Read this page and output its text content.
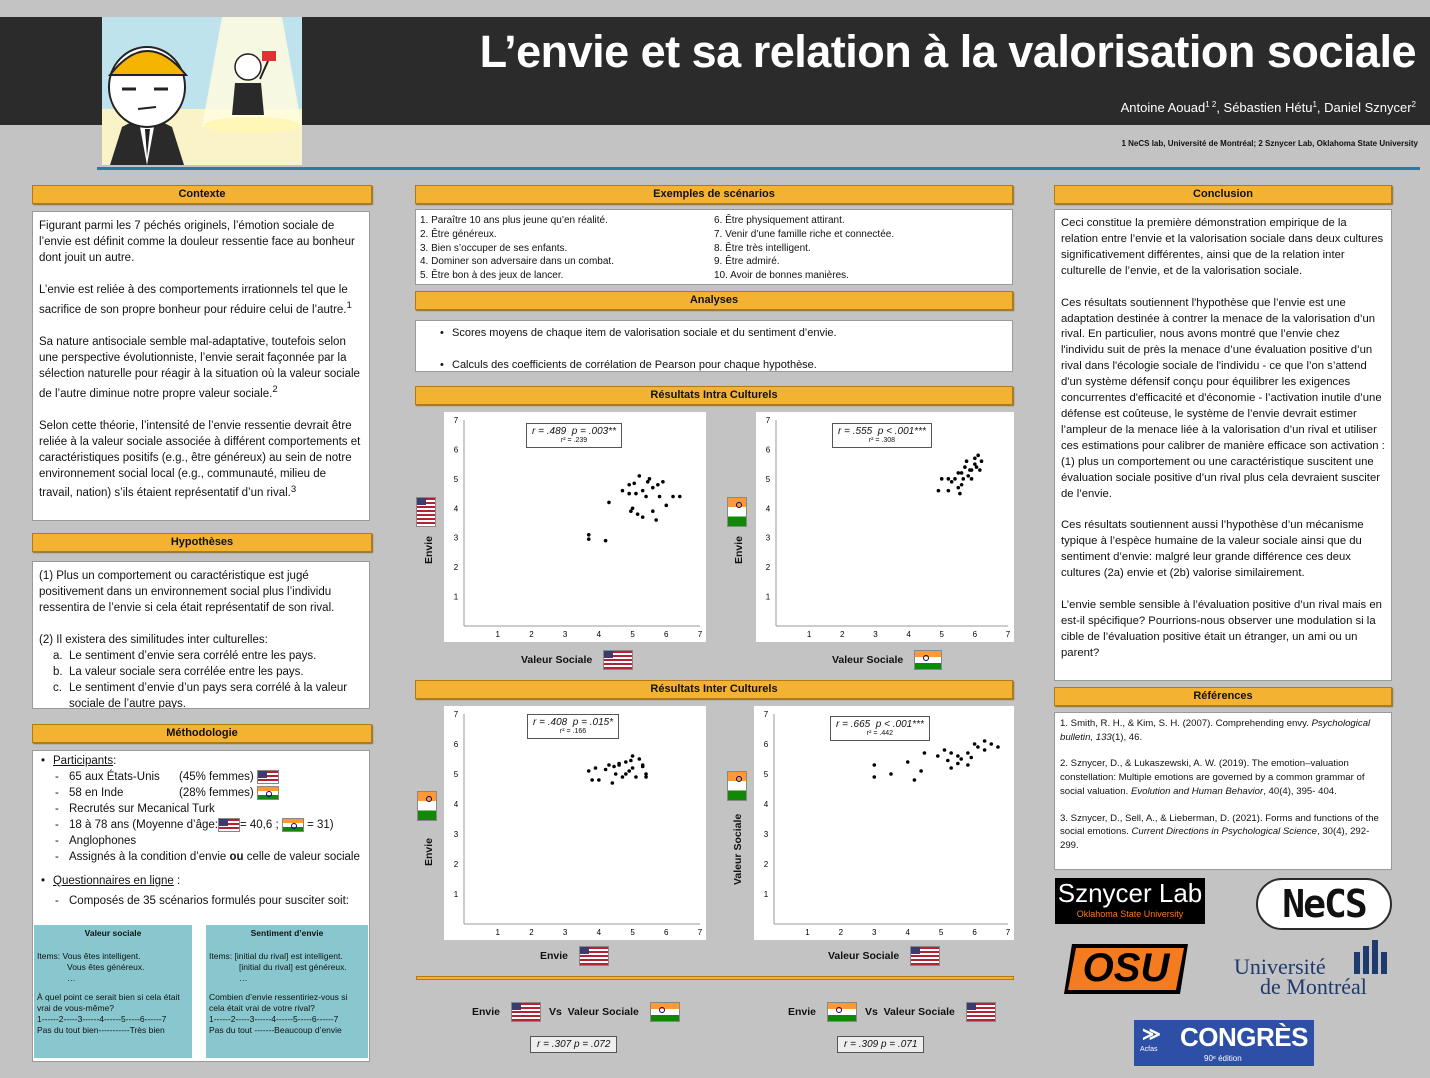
L’envie et sa relation à la valorisation sociale
Antoine Aouad$^{1 2}$, Sébastien Hétu$^1$, Daniel Sznycer$^2$
1 NeCS lab, Université de Montréal; 2 Sznycer Lab, Oklahoma State University
Contexte

Figurant parmi les 7 péchés originels, l’émotion sociale de l’envie est définit comme la douleur ressentie face au bonheur dont jouit un autre.

L’envie est reliée à des comportements irrationnels tel que le sacrifice de son propre bonheur pour réduire celui de l’autre.$^1$

Sa nature antisociale semble mal-adaptative, toutefois selon une perspective évolutionniste, l’envie serait façonnée par la sélection naturelle pour réagir à la situation où la valeur sociale de l’autre diminue notre propre valeur sociale.$^2$

Selon cette théorie, l’intensité de l’envie ressentie devrait être reliée à la valeur sociale associée à différent comportements et caractéristiques positifs (e.g., être généreux) au sein de notre environnement social local (e.g., communauté, milieu de travail, nation) s’ils étaient représentatif d’un rival.$^3$

Hypothèses

(1) Plus un comportement ou caractéristique est jugé positivement dans un environnement social plus l’individu ressentira de l’envie si cela était représentatif de son rival.

(2) Il existera des similitudes inter culturelles:

a. Le sentiment d’envie sera corrélé entre les pays.

b. La valeur sociale sera corrélée entre les pays.

c. Le sentiment d’envie d’un pays sera corrélé à la valeur sociale de l’autre pays.

Méthodologie

• Participants:

- 65 aux États-Unis (45% femmes)

- 58 en Inde	(28% femmes)

- Recrutés sur Mecanical Turk

- 18 à 78 ans (Moyenne d’âge: = 40,6 ; = 31)

- Anglophones

- Assignés à la condition d’envie ou celle de valeur sociale

• Questionnaires en ligne :

- Composés de 35 scénarios formulés pour susciter soit:

Valeur sociale
Items: Vous êtes intelligent.
Vous êtes généreux.
…
À quel point ce serait bien si cela était vrai de vous-même?
1------2-----3------4------5-----6------7
Pas du tout bien-----------Très bien
Sentiment d’envie
Items: [initial du rival] est intelligent.
[initial du rival] est généreux.
…
Combien d’envie ressentiriez-vous si cela était vrai de votre rival?
1------2-----3------4------5-----6------7
Pas du tout -------Beaucoup d’envie
Exemples de scénarios
1. Paraître 10 ans plus jeune qu’en réalité.
2. Être généreux.
3. Bien s’occuper de ses enfants.
4. Dominer son adversaire dans un combat.
5. Être bon à des jeux de lancer.
6. Être physiquement attirant.
7. Venir d’une famille riche et connectée.
8. Être très intelligent.
9. Être admiré.
10. Avoir de bonnes manières.
Analyses

• Scores moyens de chaque item de valorisation sociale et du sentiment d’envie.

• Calculs des coefficients de corrélation de Pearson pour chaque hypothèse.

Résultats Intra Culturels
1
1
2
2
3
3
4
4
5
5
6
6
7
7
1
1
2
2
3
3
4
4
5
5
6
6
7
7
r = .489 p = .003**
r² = .239
r = .555 p < .001***
r² = .308
Envie	Envie
Valeur Sociale	Valeur Sociale
Résultats Inter Culturels
1
1
2
2
3
3
4
4
5
5
6
6
7
7
1
1
2
2
3
3
4
4
5
5
6
6
7
7
r = .408 p = .015*
r² = .166
r = .665 p < .001***
r² = .442
Envie	Valeur Sociale
Envie	Valeur Sociale
Envie	Vs Valeur Sociale	Envie	Vs Valeur Sociale
r = .307 p = .072	r = .309 p = .071
Conclusion

Ceci constitue la première démonstration empirique de la relation entre l’envie et la valorisation sociale dans deux cultures significativement différentes, ainsi que de la relation inter culturelle de l’envie, et de la valorisation sociale.

Ces résultats soutiennent l'hypothèse que l’envie est une adaptation destinée à contrer la menace de la valorisation d’un rival. En particulier, nous avons montré que l’envie chez l'individu suit de près la menace d’une évaluation positive d’un rival dans l'écologie sociale de l'individu - ce que l’on s’attend d'un système défensif conçu pour équilibrer les exigences concurrentes d'efficacité et d'économie - l’activation inutile d’une défense est coûteuse, le système de l’envie devrait estimer l’ampleur de la menace liée à la valorisation d’un rival et utiliser ces estimations pour calibrer de manière efficace son activation : (1) plus un comportement ou une caractéristique suscitent une évaluation sociale positive d’un rival plus cela devraient susciter de l’envie.

Ces résultats soutiennent aussi l’hypothèse d’un mécanisme typique à l’espèce humaine de la valeur sociale ainsi que du sentiment d’envie: malgré leur grande différence ces deux cultures (2a) envie et (2b) valorise similairement.

L’envie semble sensible à l’évaluation positive d’un rival mais en est-il spécifique? Pourrions-nous observer une modulation si la cible de l’évaluation positive était un étranger, un ami ou un parent?

Références

1. Smith, R. H., & Kim, S. H. (2007). Comprehending envy. Psychological bulletin, 133(1), 46.

2. Sznycer, D., & Lukaszewski, A. W. (2019). The emotion–valuation constellation: Multiple emotions are governed by a common grammar of social valuation. Evolution and Human Behavior, 40(4), 395- 404.

3. Sznycer, D., Sell, A., & Lieberman, D. (2021). Forms and functions of the social emotions. Current Directions in Psychological Science, 30(4), 292-299.

Sznycer Lab
Oklahoma State University	NeCS
OSU	Université
de Montréal
≫
Acfas CONGRÈS
90ᵉ édition
